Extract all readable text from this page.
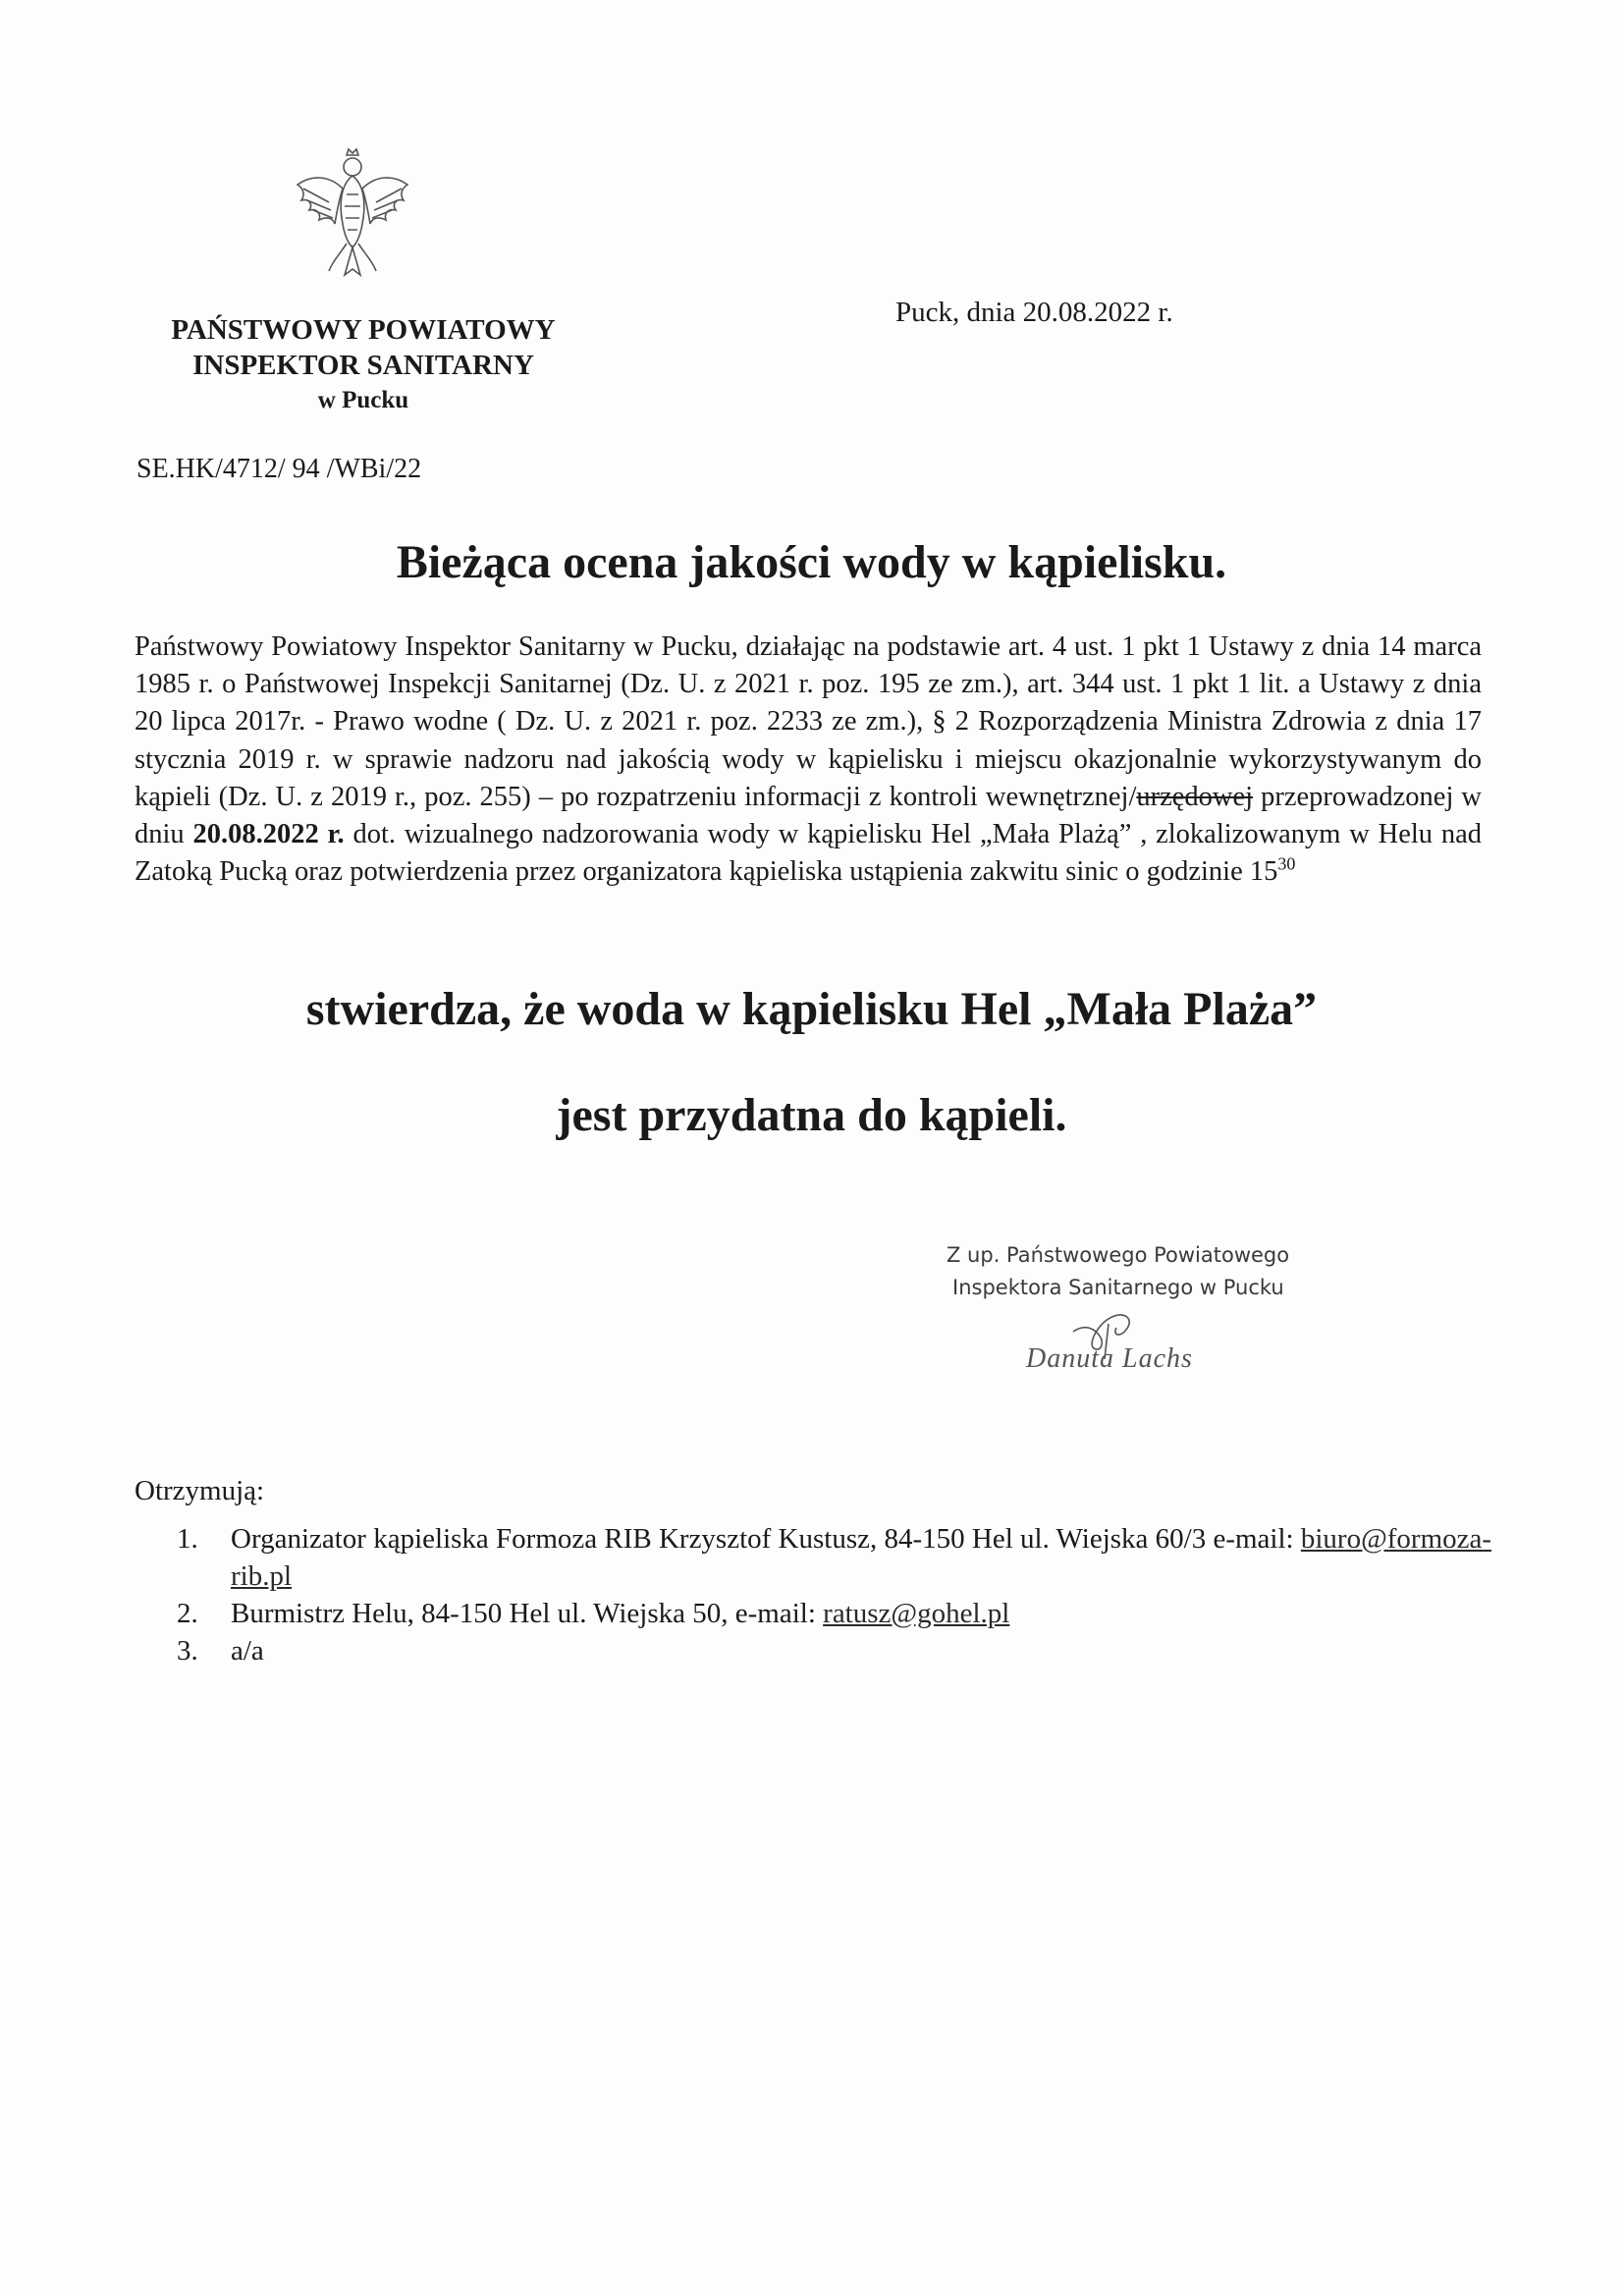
PAŃSTWOWY POWIATOWY
INSPEKTOR SANITARNY
w Pucku
Puck, dnia 20.08.2022 r.
SE.HK/4712/ 94 /WBi/22
Bieżąca ocena jakości wody w kąpielisku.
Państwowy Powiatowy Inspektor Sanitarny w Pucku, działając na podstawie art. 4 ust. 1 pkt 1 Ustawy z dnia 14 marca 1985 r. o Państwowej Inspekcji Sanitarnej (Dz. U. z 2021 r. poz. 195 ze zm.), art. 344 ust. 1 pkt 1 lit. a Ustawy z dnia 20 lipca 2017r. - Prawo wodne ( Dz. U. z 2021 r. poz. 2233 ze zm.), § 2 Rozporządzenia Ministra Zdrowia z dnia 17 stycznia 2019 r. w sprawie nadzoru nad jakością wody w kąpielisku i miejscu okazjonalnie wykorzystywanym do kąpieli (Dz. U. z 2019 r., poz. 255) – po rozpatrzeniu informacji z kontroli wewnętrznej/urzędowej przeprowadzonej w dniu 20.08.2022 r. dot. wizualnego nadzorowania wody w kąpielisku Hel „Mała Plażą” , zlokalizowanym w Helu nad Zatoką Pucką oraz potwierdzenia przez organizatora kąpieliska ustąpienia zakwitu sinic o godzinie $15^{30}$
stwierdza, że woda w kąpielisku Hel „Mała Plaża”
jest przydatna do kąpieli.
Z up. Państwowego Powiatowego
Inspektora Sanitarnego w Pucku
Danuta Lachs
Otrzymują:
1.	Organizator kąpieliska Formoza RIB Krzysztof Kustusz, 84-150 Hel ul. Wiejska 60/3 e-mail: biuro@formoza-rib.pl
2.	Burmistrz Helu, 84-150 Hel ul. Wiejska 50, e-mail: ratusz@gohel.pl
3.	a/a
